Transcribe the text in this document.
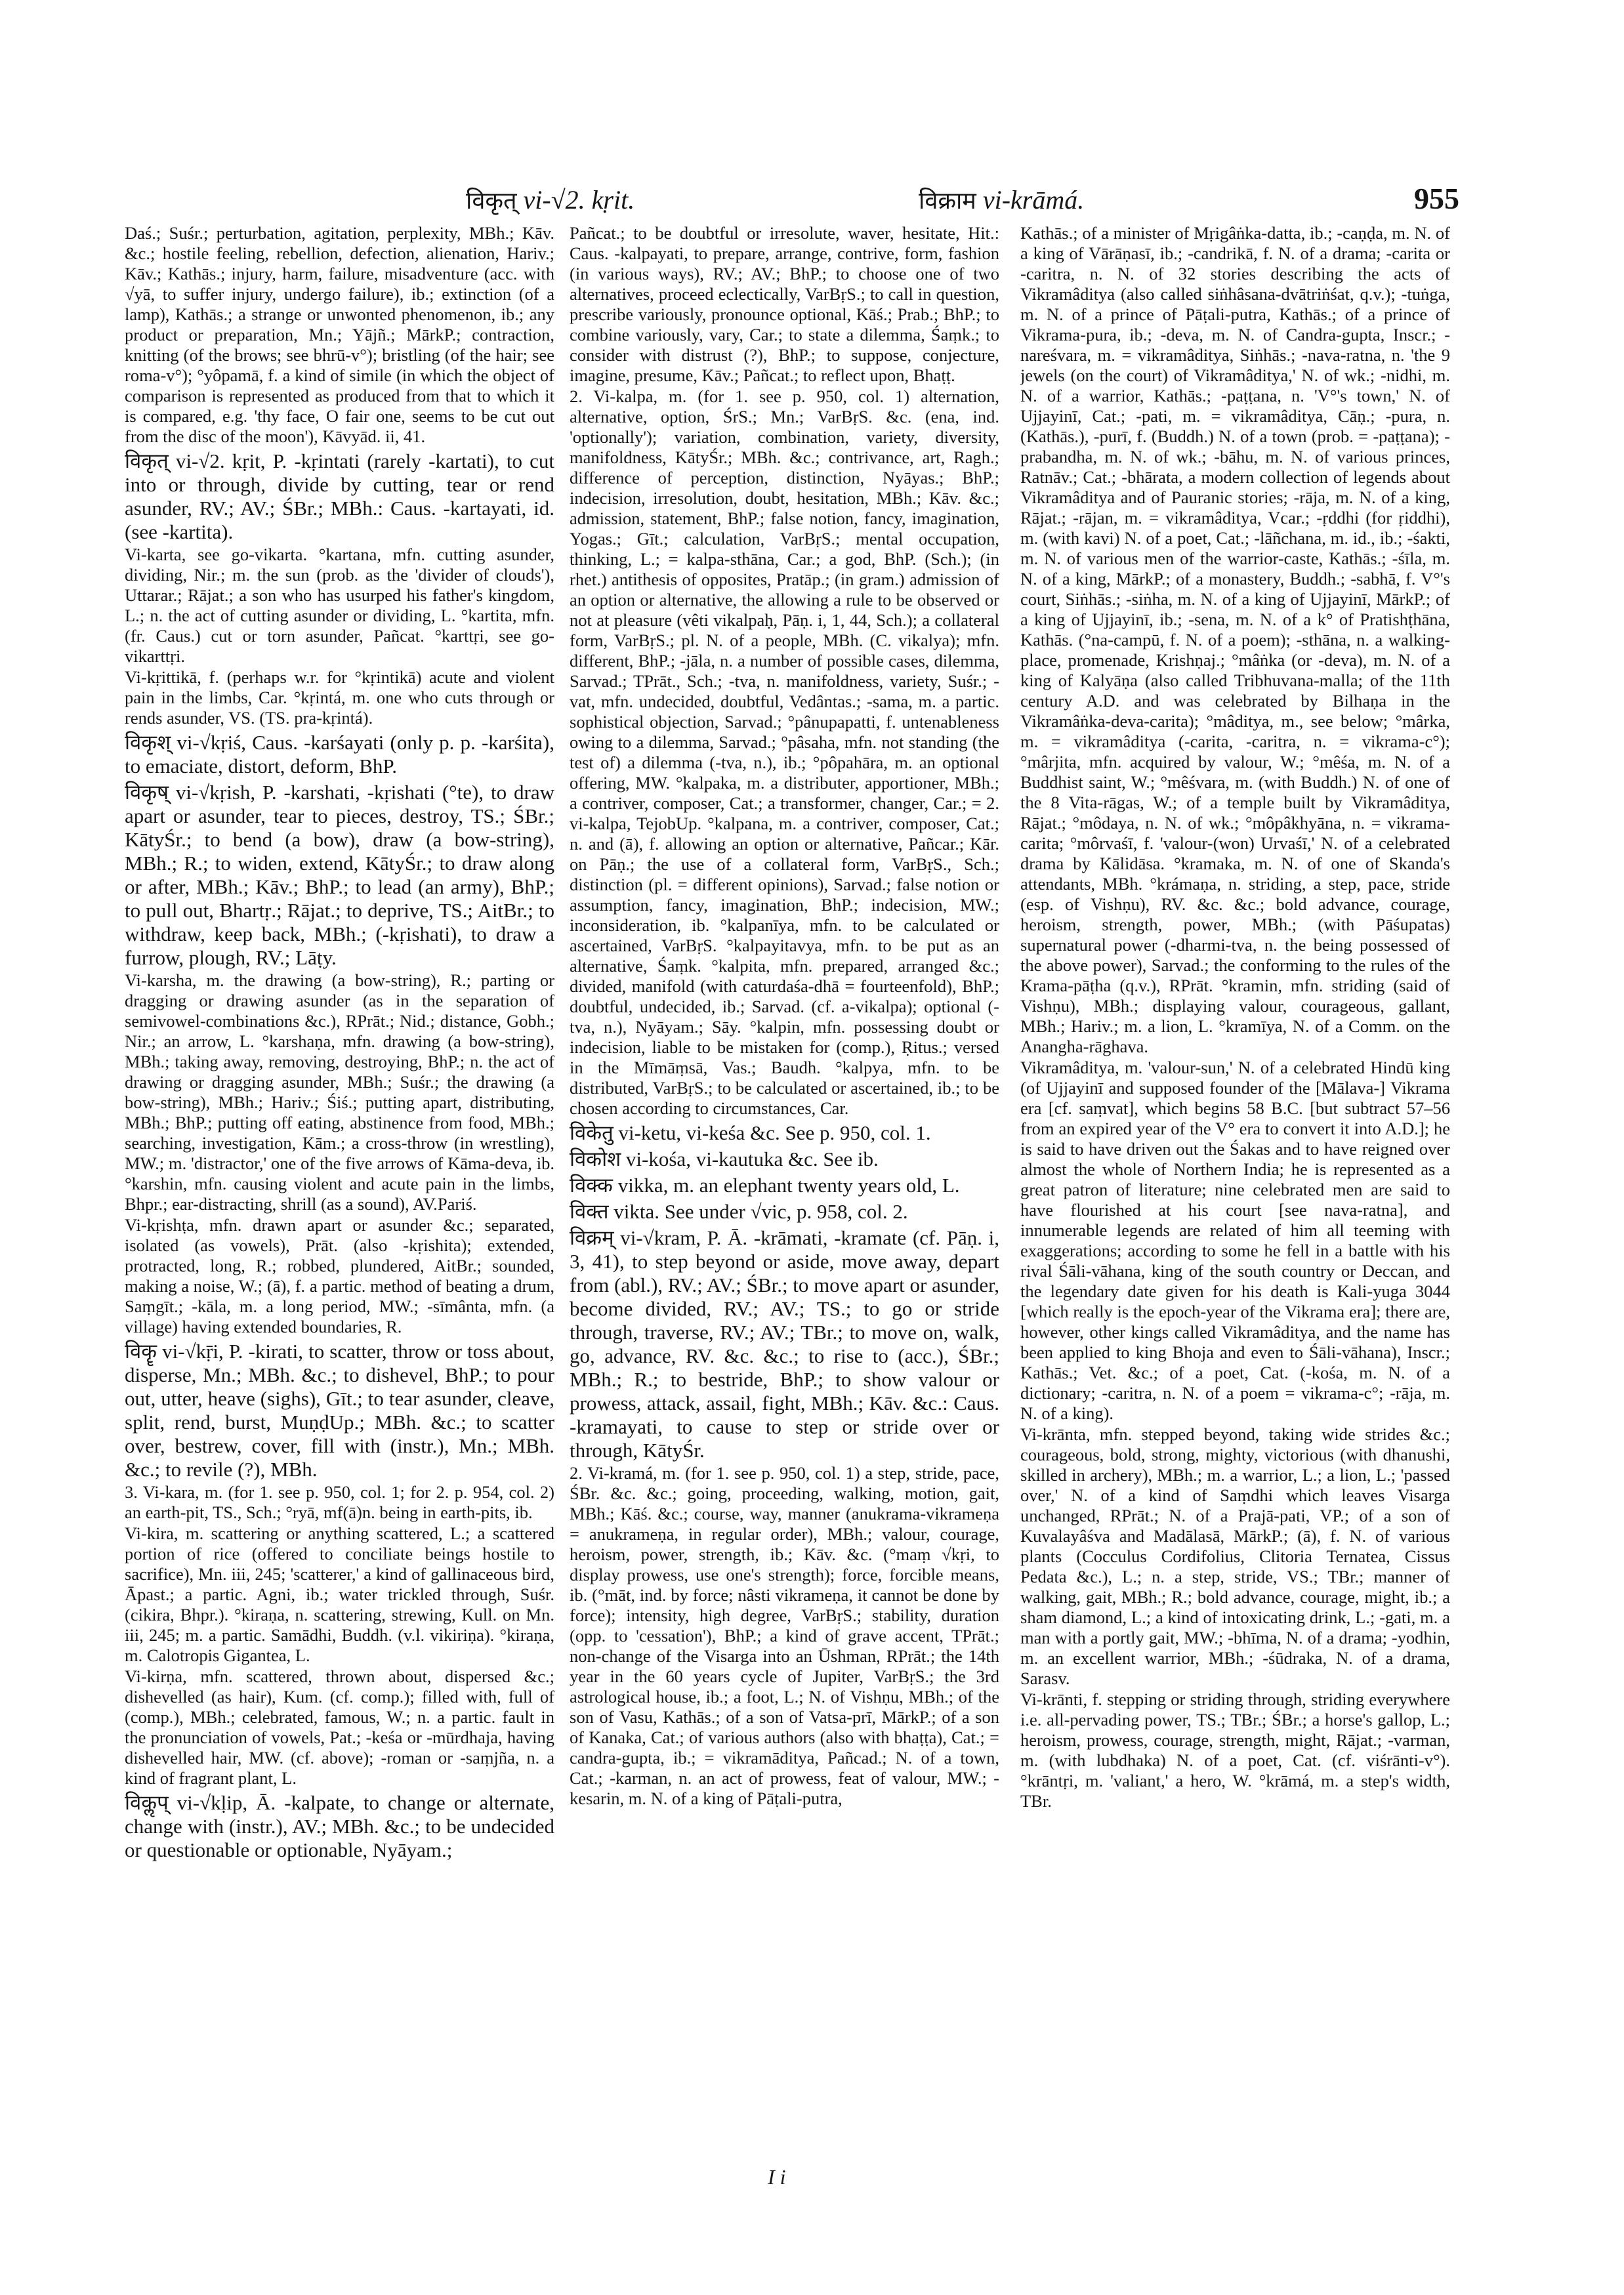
विकृत् vi-√2. kṛit.	विक्राम vi-krāmá.	955

Daś.; Suśr.; perturbation, agitation, perplexity, MBh.; Kāv. &c.; hostile feeling, rebellion, defection, alienation, Hariv.; Kāv.; Kathās.; injury, harm, failure, misadventure (acc. with √yā, to suffer injury, undergo failure), ib.; extinction (of a lamp), Kathās.; a strange or unwonted phenomenon, ib.; any product or preparation, Mn.; Yājñ.; MārkP.; contraction, knitting (of the brows; see bhrū-v°); bristling (of the hair; see roma-v°); °yôpamā, f. a kind of simile (in which the object of comparison is represented as produced from that to which it is compared, e.g. 'thy face, O fair one, seems to be cut out from the disc of the moon'), Kāvyād. ii, 41.

विकृत् vi-√2. kṛit, P. -kṛintati (rarely -kartati), to cut into or through, divide by cutting, tear or rend asunder, RV.; AV.; ŚBr.; MBh.: Caus. -kartayati, id. (see -kartita).

Vi-karta, see go-vikarta. °kartana, mfn. cutting asunder, dividing, Nir.; m. the sun (prob. as the 'divider of clouds'), Uttarar.; Rājat.; a son who has usurped his father's kingdom, L.; n. the act of cutting asunder or dividing, L. °kartita, mfn. (fr. Caus.) cut or torn asunder, Pañcat. °karttṛi, see go-vikarttṛi.

Vi-kṛittikā, f. (perhaps w.r. for °kṛintikā) acute and violent pain in the limbs, Car. °kṛintá, m. one who cuts through or rends asunder, VS. (TS. pra-kṛintá).

विकृश् vi-√kṛiś, Caus. -karśayati (only p. p. -karśita), to emaciate, distort, deform, BhP.

विकृष् vi-√kṛish, P. -karshati, -kṛishati (°te), to draw apart or asunder, tear to pieces, destroy, TS.; ŚBr.; KātyŚr.; to bend (a bow), draw (a bow-string), MBh.; R.; to widen, extend, KātyŚr.; to draw along or after, MBh.; Kāv.; BhP.; to lead (an army), BhP.; to pull out, Bhartṛ.; Rājat.; to deprive, TS.; AitBr.; to withdraw, keep back, MBh.; (-kṛishati), to draw a furrow, plough, RV.; Lāṭy.

Vi-karsha, m. the drawing (a bow-string), R.; parting or dragging or drawing asunder (as in the separation of semivowel-combinations &c.), RPrāt.; Nid.; distance, Gobh.; Nir.; an arrow, L. °karshaṇa, mfn. drawing (a bow-string), MBh.; taking away, removing, destroying, BhP.; n. the act of drawing or dragging asunder, MBh.; Suśr.; the drawing (a bow-string), MBh.; Hariv.; Śiś.; putting apart, distributing, MBh.; BhP.; putting off eating, abstinence from food, MBh.; searching, investigation, Kām.; a cross-throw (in wrestling), MW.; m. 'distractor,' one of the five arrows of Kāma-deva, ib. °karshin, mfn. causing violent and acute pain in the limbs, Bhpr.; ear-distracting, shrill (as a sound), AV.Pariś.

Vi-kṛishṭa, mfn. drawn apart or asunder &c.; separated, isolated (as vowels), Prāt. (also -kṛishita); extended, protracted, long, R.; robbed, plundered, AitBr.; sounded, making a noise, W.; (ā), f. a partic. method of beating a drum, Saṃgīt.; -kāla, m. a long period, MW.; -sīmânta, mfn. (a village) having extended boundaries, R.

विकॄ vi-√kṝi, P. -kirati, to scatter, throw or toss about, disperse, Mn.; MBh. &c.; to dishevel, BhP.; to pour out, utter, heave (sighs), Gīt.; to tear asunder, cleave, split, rend, burst, MuṇḍUp.; MBh. &c.; to scatter over, bestrew, cover, fill with (instr.), Mn.; MBh. &c.; to revile (?), MBh.

3. Vi-kara, m. (for 1. see p. 950, col. 1; for 2. p. 954, col. 2) an earth-pit, TS., Sch.; °ryā, mf(ā)n. being in earth-pits, ib.

Vi-kira, m. scattering or anything scattered, L.; a scattered portion of rice (offered to conciliate beings hostile to sacrifice), Mn. iii, 245; 'scatterer,' a kind of gallinaceous bird, Āpast.; a partic. Agni, ib.; water trickled through, Suśr. (cikira, Bhpr.). °kiraṇa, n. scattering, strewing, Kull. on Mn. iii, 245; m. a partic. Samādhi, Buddh. (v.l. vikiriṇa). °kiraṇa, m. Calotropis Gigantea, L.

Vi-kirṇa, mfn. scattered, thrown about, dispersed &c.; dishevelled (as hair), Kum. (cf. comp.); filled with, full of (comp.), MBh.; celebrated, famous, W.; n. a partic. fault in the pronunciation of vowels, Pat.; -keśa or -mūrdhaja, having dishevelled hair, MW. (cf. above); -roman or -saṃjña, n. a kind of fragrant plant, L.

विकॢप् vi-√kḷip, Ā. -kalpate, to change or alternate, change with (instr.), AV.; MBh. &c.; to be undecided or questionable or optionable, Nyāyam.;

Pañcat.; to be doubtful or irresolute, waver, hesitate, Hit.: Caus. -kalpayati, to prepare, arrange, contrive, form, fashion (in various ways), RV.; AV.; BhP.; to choose one of two alternatives, proceed eclectically, VarBṛS.; to call in question, prescribe variously, pronounce optional, Kāś.; Prab.; BhP.; to combine variously, vary, Car.; to state a dilemma, Śaṃk.; to consider with distrust (?), BhP.; to suppose, conjecture, imagine, presume, Kāv.; Pañcat.; to reflect upon, Bhaṭṭ.

2. Vi-kalpa, m. (for 1. see p. 950, col. 1) alternation, alternative, option, ŚrS.; Mn.; VarBṛS. &c. (ena, ind. 'optionally'); variation, combination, variety, diversity, manifoldness, KātyŚr.; MBh. &c.; contrivance, art, Ragh.; difference of perception, distinction, Nyāyas.; BhP.; indecision, irresolution, doubt, hesitation, MBh.; Kāv. &c.; admission, statement, BhP.; false notion, fancy, imagination, Yogas.; Gīt.; calculation, VarBṛS.; mental occupation, thinking, L.; = kalpa-sthāna, Car.; a god, BhP. (Sch.); (in rhet.) antithesis of opposites, Pratāp.; (in gram.) admission of an option or alternative, the allowing a rule to be observed or not at pleasure (vêti vikalpaḥ, Pāṇ. i, 1, 44, Sch.); a collateral form, VarBṛS.; pl. N. of a people, MBh. (C. vikalya); mfn. different, BhP.; -jāla, n. a number of possible cases, dilemma, Sarvad.; TPrāt., Sch.; -tva, n. manifoldness, variety, Suśr.; -vat, mfn. undecided, doubtful, Vedântas.; -sama, m. a partic. sophistical objection, Sarvad.; °pânupapatti, f. untenableness owing to a dilemma, Sarvad.; °pâsaha, mfn. not standing (the test of) a dilemma (-tva, n.), ib.; °pôpahāra, m. an optional offering, MW. °kalpaka, m. a distributer, apportioner, MBh.; a contriver, composer, Cat.; a transformer, changer, Car.; = 2. vi-kalpa, TejobUp. °kalpana, m. a contriver, composer, Cat.; n. and (ā), f. allowing an option or alternative, Pañcar.; Kār. on Pāṇ.; the use of a collateral form, VarBṛS., Sch.; distinction (pl. = different opinions), Sarvad.; false notion or assumption, fancy, imagination, BhP.; indecision, MW.; inconsideration, ib. °kalpanīya, mfn. to be calculated or ascertained, VarBṛS. °kalpayitavya, mfn. to be put as an alternative, Śaṃk. °kalpita, mfn. prepared, arranged &c.; divided, manifold (with caturdaśa-dhā = fourteenfold), BhP.; doubtful, undecided, ib.; Sarvad. (cf. a-vikalpa); optional (-tva, n.), Nyāyam.; Sāy. °kalpin, mfn. possessing doubt or indecision, liable to be mistaken for (comp.), Ṛitus.; versed in the Mīmāṃsā, Vas.; Baudh. °kalpya, mfn. to be distributed, VarBṛS.; to be calculated or ascertained, ib.; to be chosen according to circumstances, Car.

विकेतु vi-ketu, vi-keśa &c. See p. 950, col. 1.

विकोश vi-kośa, vi-kautuka &c. See ib.

विक्क vikka, m. an elephant twenty years old, L.

विक्त vikta. See under √vic, p. 958, col. 2.

विक्रम् vi-√kram, P. Ā. -krāmati, -kramate (cf. Pāṇ. i, 3, 41), to step beyond or aside, move away, depart from (abl.), RV.; AV.; ŚBr.; to move apart or asunder, become divided, RV.; AV.; TS.; to go or stride through, traverse, RV.; AV.; TBr.; to move on, walk, go, advance, RV. &c. &c.; to rise to (acc.), ŚBr.; MBh.; R.; to bestride, BhP.; to show valour or prowess, attack, assail, fight, MBh.; Kāv. &c.: Caus. -kramayati, to cause to step or stride over or through, KātyŚr.

2. Vi-kramá, m. (for 1. see p. 950, col. 1) a step, stride, pace, ŚBr. &c. &c.; going, proceeding, walking, motion, gait, MBh.; Kāś. &c.; course, way, manner (anukrama-vikrameṇa = anukrameṇa, in regular order), MBh.; valour, courage, heroism, power, strength, ib.; Kāv. &c. (°maṃ √kṛi, to display prowess, use one's strength); force, forcible means, ib. (°māt, ind. by force; nâsti vikrameṇa, it cannot be done by force); intensity, high degree, VarBṛS.; stability, duration (opp. to 'cessation'), BhP.; a kind of grave accent, TPrāt.; non-change of the Visarga into an Ūshman, RPrāt.; the 14th year in the 60 years cycle of Jupiter, VarBṛS.; the 3rd astrological house, ib.; a foot, L.; N. of Vishṇu, MBh.; of the son of Vasu, Kathās.; of a son of Vatsa-prī, MārkP.; of a son of Kanaka, Cat.; of various authors (also with bhaṭṭa), Cat.; = candra-gupta, ib.; = vikramāditya, Pañcad.; N. of a town, Cat.; -karman, n. an act of prowess, feat of valour, MW.; -kesarin, m. N. of a king of Pāṭali-putra,

Kathās.; of a minister of Mṛigâṅka-datta, ib.; -caṇḍa, m. N. of a king of Vārāṇasī, ib.; -candrikā, f. N. of a drama; -carita or -caritra, n. N. of 32 stories describing the acts of Vikramâditya (also called siṅhâsana-dvātriṅśat, q.v.); -tuṅga, m. N. of a prince of Pāṭali-putra, Kathās.; of a prince of Vikrama-pura, ib.; -deva, m. N. of Candra-gupta, Inscr.; -nareśvara, m. = vikramâditya, Siṅhās.; -nava-ratna, n. 'the 9 jewels (on the court) of Vikramâditya,' N. of wk.; -nidhi, m. N. of a warrior, Kathās.; -paṭṭana, n. 'V°'s town,' N. of Ujjayinī, Cat.; -pati, m. = vikramâditya, Cāṇ.; -pura, n. (Kathās.), -purī, f. (Buddh.) N. of a town (prob. = -paṭṭana); -prabandha, m. N. of wk.; -bāhu, m. N. of various princes, Ratnāv.; Cat.; -bhārata, a modern collection of legends about Vikramâditya and of Pauranic stories; -rāja, m. N. of a king, Rājat.; -rājan, m. = vikramâditya, Vcar.; -ṛddhi (for ṛiddhi), m. (with kavi) N. of a poet, Cat.; -lāñchana, m. id., ib.; -śakti, m. N. of various men of the warrior-caste, Kathās.; -śīla, m. N. of a king, MārkP.; of a monastery, Buddh.; -sabhā, f. V°'s court, Siṅhās.; -siṅha, m. N. of a king of Ujjayinī, MārkP.; of a king of Ujjayinī, ib.; -sena, m. N. of a k° of Pratishṭhāna, Kathās. (°na-campū, f. N. of a poem); -sthāna, n. a walking-place, promenade, Krishṇaj.; °mâṅka (or -deva), m. N. of a king of Kalyāṇa (also called Tribhuvana-malla; of the 11th century A.D. and was celebrated by Bilhaṇa in the Vikramâṅka-deva-carita); °mâditya, m., see below; °mârka, m. = vikramâditya (-carita, -caritra, n. = vikrama-c°); °mârjita, mfn. acquired by valour, W.; °mêśa, m. N. of a Buddhist saint, W.; °mêśvara, m. (with Buddh.) N. of one of the 8 Vita-rāgas, W.; of a temple built by Vikramâditya, Rājat.; °môdaya, n. N. of wk.; °môpâkhyāna, n. = vikrama-carita; °môrvaśī, f. 'valour-(won) Urvaśī,' N. of a celebrated drama by Kālidāsa. °kramaka, m. N. of one of Skanda's attendants, MBh. °krámaṇa, n. striding, a step, pace, stride (esp. of Vishṇu), RV. &c. &c.; bold advance, courage, heroism, strength, power, MBh.; (with Pāśupatas) supernatural power (-dharmi-tva, n. the being possessed of the above power), Sarvad.; the conforming to the rules of the Krama-pāṭha (q.v.), RPrāt. °kramin, mfn. striding (said of Vishṇu), MBh.; displaying valour, courageous, gallant, MBh.; Hariv.; m. a lion, L. °kramīya, N. of a Comm. on the Anangha-rāghava.

Vikramâditya, m. 'valour-sun,' N. of a celebrated Hindū king (of Ujjayinī and supposed founder of the [Mālava-] Vikrama era [cf. saṃvat], which begins 58 B.C. [but subtract 57–56 from an expired year of the V° era to convert it into A.D.]; he is said to have driven out the Śakas and to have reigned over almost the whole of Northern India; he is represented as a great patron of literature; nine celebrated men are said to have flourished at his court [see nava-ratna], and innumerable legends are related of him all teeming with exaggerations; according to some he fell in a battle with his rival Śāli-vāhana, king of the south country or Deccan, and the legendary date given for his death is Kali-yuga 3044 [which really is the epoch-year of the Vikrama era]; there are, however, other kings called Vikramâditya, and the name has been applied to king Bhoja and even to Śāli-vāhana), Inscr.; Kathās.; Vet. &c.; of a poet, Cat. (-kośa, m. N. of a dictionary; -caritra, n. N. of a poem = vikrama-c°; -rāja, m. N. of a king).

Vi-krānta, mfn. stepped beyond, taking wide strides &c.; courageous, bold, strong, mighty, victorious (with dhanushi, skilled in archery), MBh.; m. a warrior, L.; a lion, L.; 'passed over,' N. of a kind of Saṃdhi which leaves Visarga unchanged, RPrāt.; N. of a Prajā-pati, VP.; of a son of Kuvalayâśva and Madālasā, MārkP.; (ā), f. N. of various plants (Cocculus Cordifolius, Clitoria Ternatea, Cissus Pedata &c.), L.; n. a step, stride, VS.; TBr.; manner of walking, gait, MBh.; R.; bold advance, courage, might, ib.; a sham diamond, L.; a kind of intoxicating drink, L.; -gati, m. a man with a portly gait, MW.; -bhīma, N. of a drama; -yodhin, m. an excellent warrior, MBh.; -śūdraka, N. of a drama, Sarasv.

Vi-krānti, f. stepping or striding through, striding everywhere i.e. all-pervading power, TS.; TBr.; ŚBr.; a horse's gallop, L.; heroism, prowess, courage, strength, might, Rājat.; -varman, m. (with lubdhaka) N. of a poet, Cat. (cf. viśrānti-v°). °krāntṛi, m. 'valiant,' a hero, W. °krāmá, m. a step's width, TBr.

I i
